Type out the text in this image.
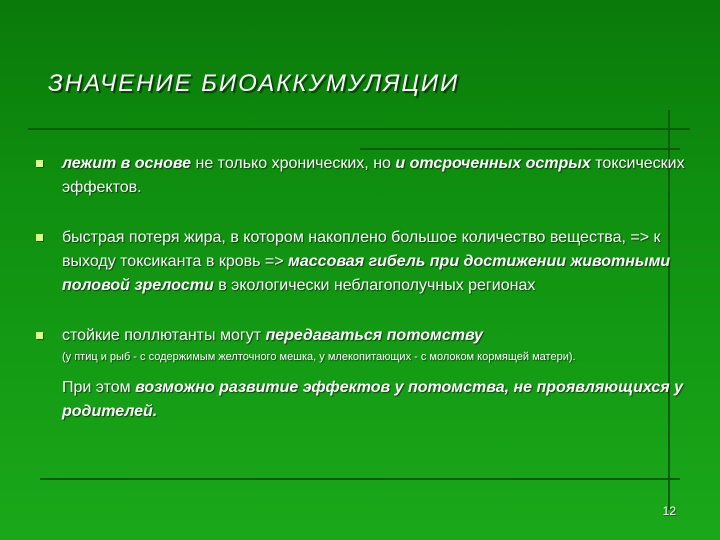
ЗНАЧЕНИЕ БИОАККУМУЛЯЦИИ
лежит в основе не только хронических, но и отсроченных острых токсических эффектов.
быстрая потеря жира, в котором накоплено большое количество вещества, => к выходу токсиканта в кровь => массовая гибель при достижении животными половой зрелости в экологически неблагополучных регионах
стойкие поллютанты могут передаваться потомству
(у птиц и рыб - с содержимым желточного мешка, у млекопитающих - с молоком кормящей матери).
При этом возможно развитие эффектов у потомства, не проявляющихся у родителей.
12
